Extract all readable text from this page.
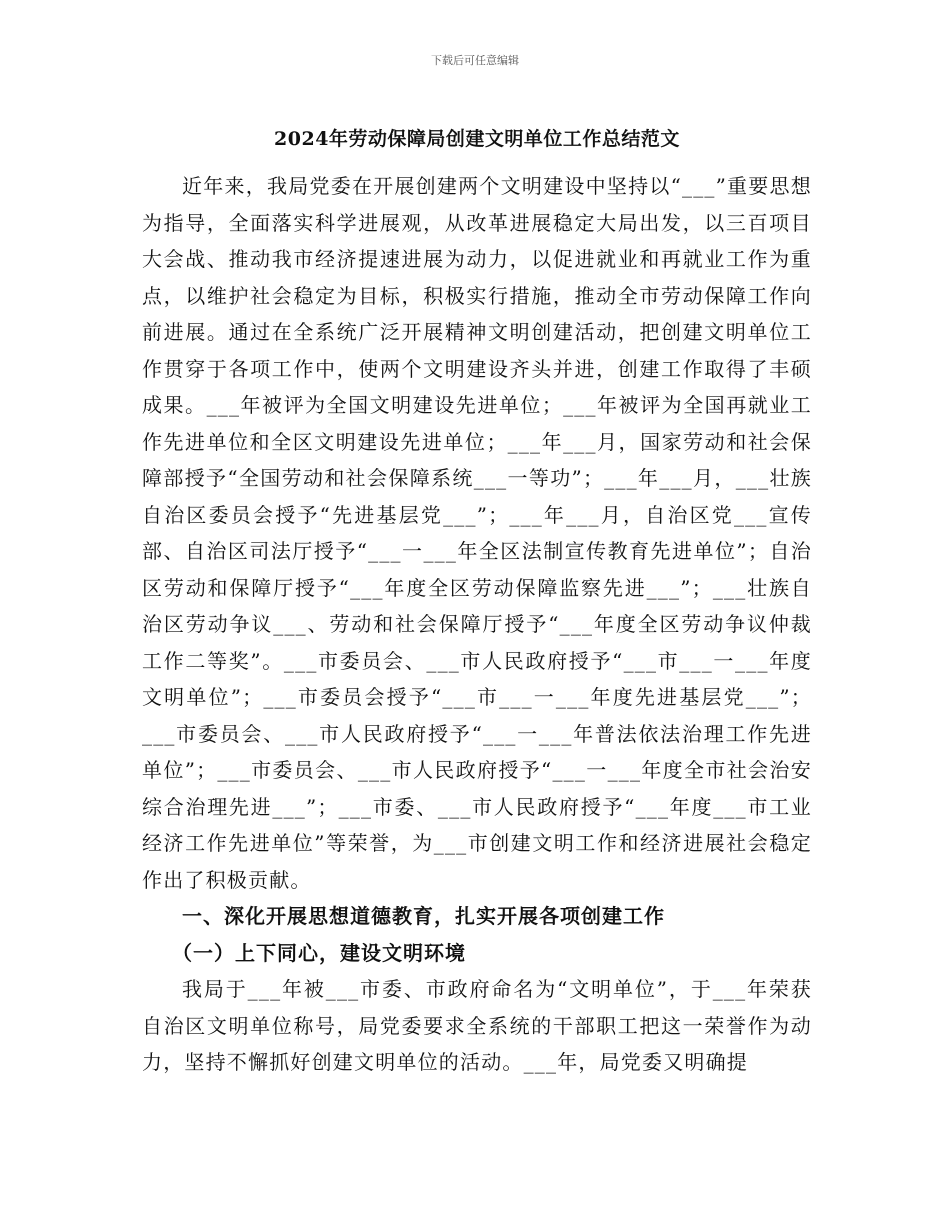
下载后可任意编辑
2024年劳动保障局创建文明单位工作总结范文

近年来，我局党委在开展创建两个文明建设中坚持以“___”重要思想为指导，全面落实科学进展观，从改革进展稳定大局出发，以三百项目大会战、推动我市经济提速进展为动力，以促进就业和再就业工作为重点，以维护社会稳定为目标，积极实行措施，推动全市劳动保障工作向前进展。通过在全系统广泛开展精神文明创建活动，把创建文明单位工作贯穿于各项工作中，使两个文明建设齐头并进，创建工作取得了丰硕成果。___年被评为全国文明建设先进单位；___年被评为全国再就业工作先进单位和全区文明建设先进单位；___年___月，国家劳动和社会保障部授予“全国劳动和社会保障系统___一等功”；___年___月，___壮族自治区委员会授予“先进基层党___”；___年___月，自治区党___宣传部、自治区司法厅授予“___一___年全区法制宣传教育先进单位”；自治区劳动和保障厅授予“___年度全区劳动保障监察先进___”；___壮族自治区劳动争议___、劳动和社会保障厅授予“___年度全区劳动争议仲裁工作二等奖”。___市委员会、___市人民政府授予“___市___一___年度文明单位”；___市委员会授予“___市___一___年度先进基层党___”；___市委员会、___市人民政府授予“___一___年普法依法治理工作先进单位”；___市委员会、___市人民政府授予“___一___年度全市社会治安综合治理先进___”；___市委、___市人民政府授予“___年度___市工业经济工作先进单位”等荣誉，为___市创建文明工作和经济进展社会稳定作出了积极贡献。

一、深化开展思想道德教育，扎实开展各项创建工作

（一）上下同心，建设文明环境

我局于___年被___市委、市政府命名为“文明单位”，于___年荣获自治区文明单位称号，局党委要求全系统的干部职工把这一荣誉作为动力，坚持不懈抓好创建文明单位的活动。___年，局党委又明确提
